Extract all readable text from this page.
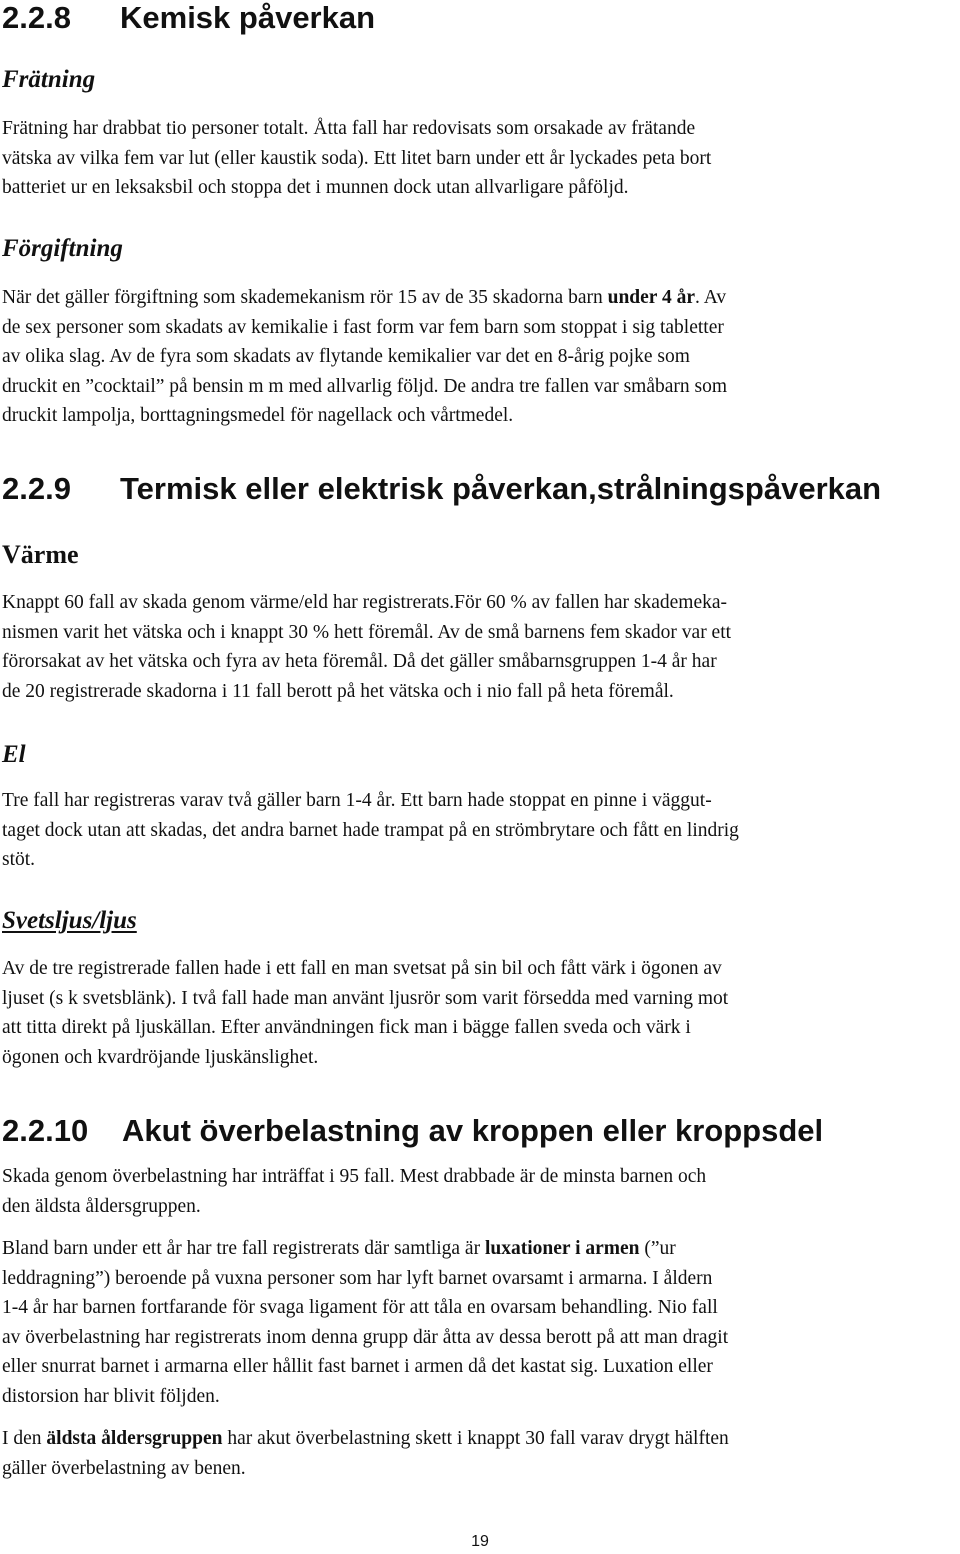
2.2.8 Kemisk påverkan
Frätning
Frätning har drabbat tio personer totalt. Åtta fall har redovisats som orsakade av frätande
vätska av vilka fem var lut (eller kaustik soda). Ett litet barn under ett år lyckades peta bort
batteriet ur en leksaksbil och stoppa det i munnen dock utan allvarligare påföljd.
Förgiftning
När det gäller förgiftning som skademekanism rör 15 av de 35 skadorna barn under 4 år. Av
de sex personer som skadats av kemikalie i fast form var fem barn som stoppat i sig tabletter
av olika slag. Av de fyra som skadats av flytande kemikalier var det en 8-årig pojke som
druckit en ”cocktail” på bensin m m med allvarlig följd. De andra tre fallen var småbarn som
druckit lampolja, borttagningsmedel för nagellack och vårtmedel.
2.2.9 Termisk eller elektrisk påverkan,strålningspåverkan
Värme
Knappt 60 fall av skada genom värme/eld har registrerats.För 60 % av fallen har skademeka-
nismen varit het vätska och i knappt 30 % hett föremål. Av de små barnens fem skador var ett
förorsakat av het vätska och fyra av heta föremål. Då det gäller småbarnsgruppen 1-4 år har
de 20 registrerade skadorna i 11 fall berott på het vätska och i nio fall på heta föremål.
El
Tre fall har registreras varav två gäller barn 1-4 år. Ett barn hade stoppat en pinne i väggut-
taget dock utan att skadas, det andra barnet hade trampat på en strömbrytare och fått en lindrig
stöt.
Svetsljus/ljus
Av de tre registrerade fallen hade i ett fall en man svetsat på sin bil och fått värk i ögonen av
ljuset (s k svetsblänk). I två fall hade man använt ljusrör som varit försedda med varning mot
att titta direkt på ljuskällan. Efter användningen fick man i bägge fallen sveda och värk i
ögonen och kvardröjande ljuskänslighet.
2.2.10 Akut överbelastning av kroppen eller kroppsdel
Skada genom överbelastning har inträffat i 95 fall. Mest drabbade är de minsta barnen och
den äldsta åldersgruppen.
Bland barn under ett år har tre fall registrerats där samtliga är luxationer i armen (”ur
leddragning”) beroende på vuxna personer som har lyft barnet ovarsamt i armarna. I åldern
1-4 år har barnen fortfarande för svaga ligament för att tåla en ovarsam behandling. Nio fall
av överbelastning har registrerats inom denna grupp där åtta av dessa berott på att man dragit
eller snurrat barnet i armarna eller hållit fast barnet i armen då det kastat sig. Luxation eller
distorsion har blivit följden.
I den äldsta åldersgruppen har akut överbelastning skett i knappt 30 fall varav drygt hälften
gäller överbelastning av benen.
19
